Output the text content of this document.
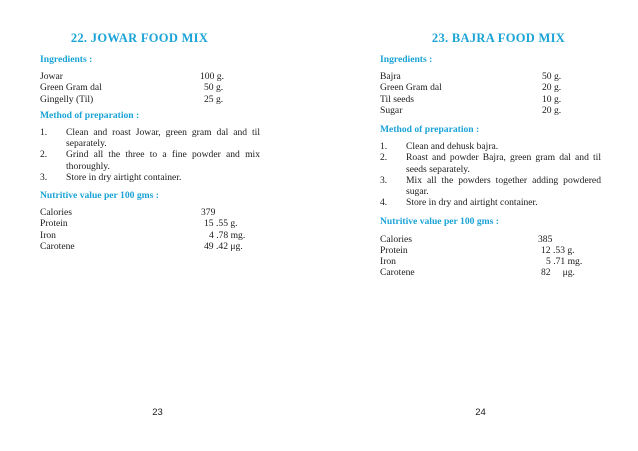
22. JOWAR FOOD MIX

Ingredients :

Jowar	100 g.
Green Gram dal	50 g.
Gingelly (Til)	25 g.

Method of preparation :

1. Clean and roast Jowar, green gram dal and til separately.
2. Grind all the three to a fine powder and mix thoroughly.
3. Store in dry airtight container.

Nutritive value per 100 gms :

Calories	379
Protein	15 .55 g.
Iron	4 .78 mg.
Carotene	49 .42 μg.
23
23. BAJRA FOOD MIX

Ingredients :

Bajra	50 g.
Green Gram dal	20 g.
Til seeds	10 g.
Sugar	20 g.

Method of preparation :

1. Clean and dehusk bajra.
2. Roast and powder Bajra, green gram dal and til seeds separately.
3. Mix all the powders together adding powdered sugar.
4. Store in dry and airtight container.

Nutritive value per 100 gms :

Calories	385
Protein	12 .53 g.
Iron	5 .71 mg.
Carotene	82     μg.
24
